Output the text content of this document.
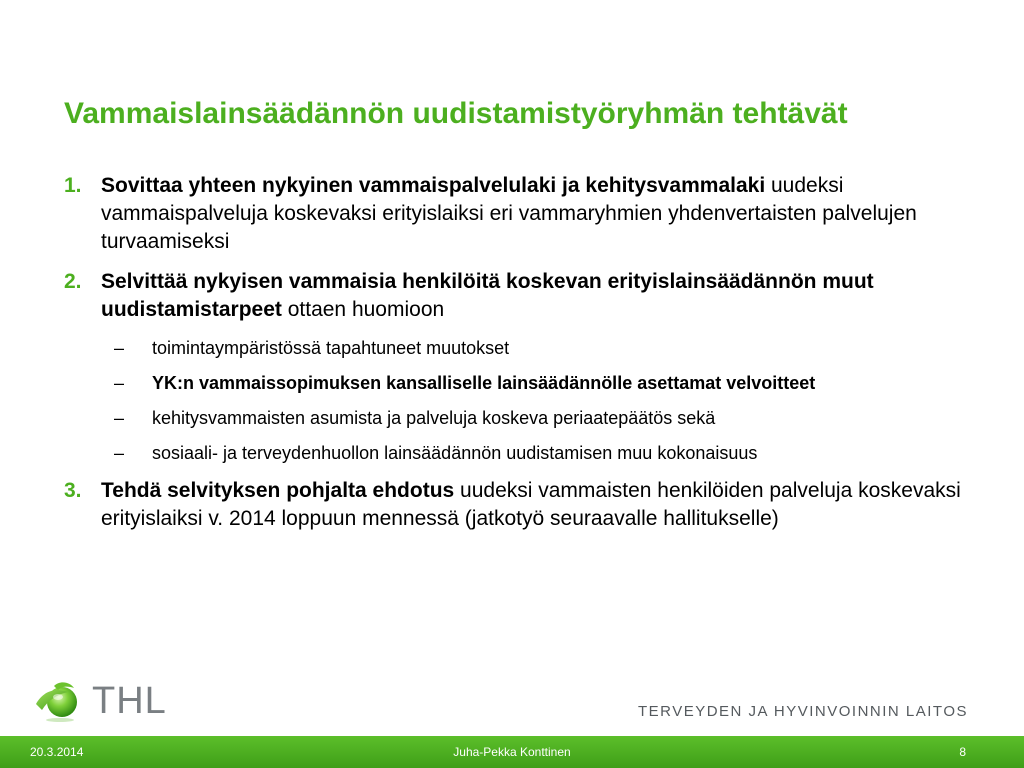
Vammaislainsäädännön uudistamistyöryhmän tehtävät
1. Sovittaa yhteen nykyinen vammaispalvelulaki ja kehitysvammalaki uudeksi vammaispalveluja koskevaksi erityislaiksi eri vammaryhmien yhdenvertaisten palvelujen turvaamiseksi
2. Selvittää nykyisen vammaisia henkilöitä koskevan erityislainsäädännön muut uudistamistarpeet ottaen huomioon
– toimintaympäristössä tapahtuneet muutokset
– YK:n vammaissopimuksen kansalliselle lainsäädännölle asettamat velvoitteet
– kehitysvammaisten asumista ja palveluja koskeva periaatepäätös sekä
– sosiaali- ja terveydenhuollon lainsäädännön uudistamisen muu kokonaisuus
3. Tehdä selvityksen pohjalta ehdotus uudeksi vammaisten henkilöiden palveluja koskevaksi erityislaiksi v. 2014 loppuun mennessä (jatkotyö seuraavalle hallitukselle)
THL	TERVEYDEN JA HYVINVOINNIN LAITOS
20.3.2014	Juha-Pekka Konttinen	8
